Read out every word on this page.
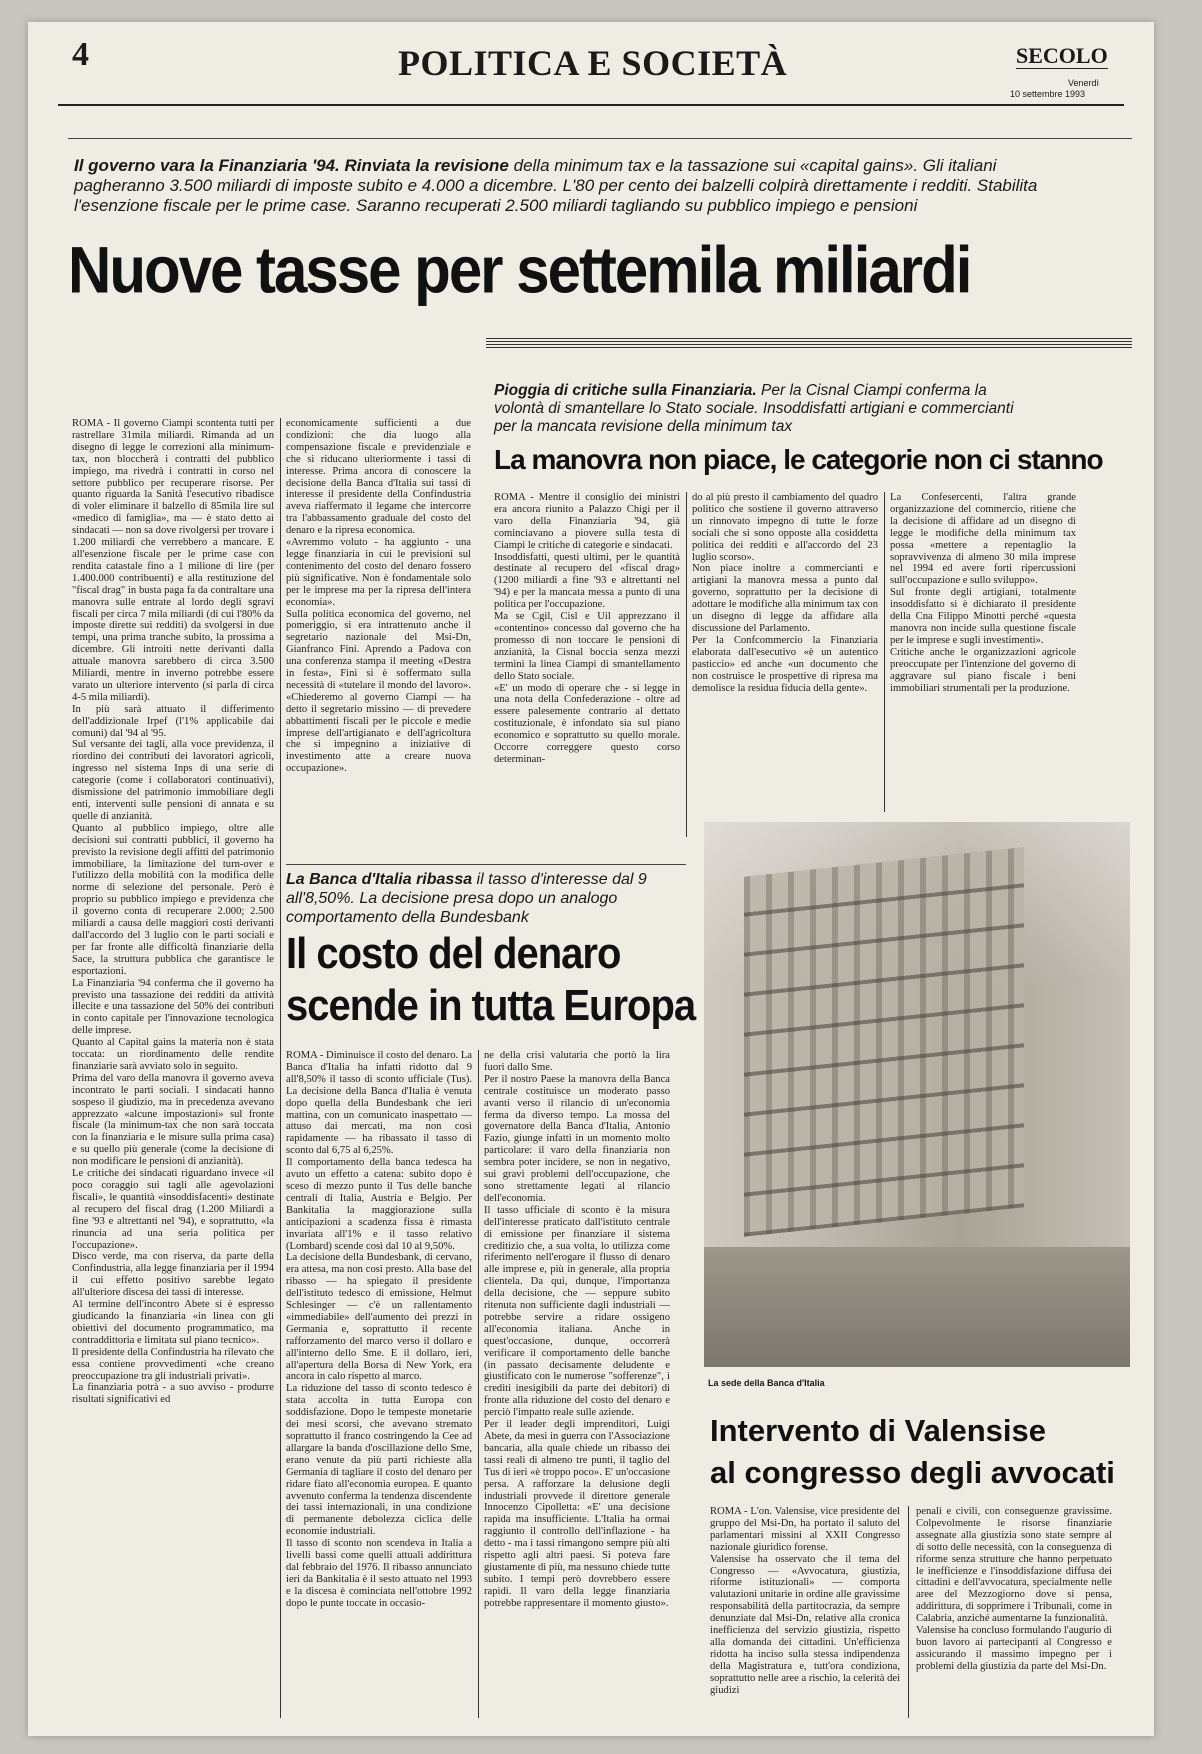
4	POLITICA E SOCIETÀ	SECOLO
Venerdì
10 settembre 1993
Il governo vara la Finanziaria '94. Rinviata la revisione della minimum tax e la tassazione sui «capital gains». Gli italiani pagheranno 3.500 miliardi di imposte subito e 4.000 a dicembre. L'80 per cento dei balzelli colpirà direttamente i redditi. Stabilita l'esenzione fiscale per le prime case. Saranno recuperati 2.500 miliardi tagliando su pubblico impiego e pensioni
Nuove tasse per settemila miliardi
ROMA - Il governo Ciampi scontenta tutti per rastrellare 31mila miliardi. Rimanda ad un disegno di legge le correzioni alla minimum-tax, non bloccherà i contratti del pubblico impiego, ma rivedrà i contratti in corso nel settore pubblico per recuperare risorse. Per quanto riguarda la Sanità l'esecutivo ribadisce di voler eliminare il balzello di 85mila lire sul «medico di famiglia», ma — è stato detto ai sindacati — non sa dove rivolgersi per trovare i 1.200 miliardi che verrebbero a mancare. E all'esenzione fiscale per le prime case con rendita catastale fino a 1 milione di lire (per 1.400.000 contribuenti) e alla restituzione del "fiscal drag" in busta paga fa da contraltare una manovra sulle entrate al lordo degli sgravi fiscali per circa 7 mila miliardi (di cui l'80% da imposte dirette sui redditi) da svolgersi in due tempi, una prima tranche subito, la prossima a dicembre. Gli introiti nette derivanti dalla attuale manovra sarebbero di circa 3.500 Miliardi, mentre in inverno potrebbe essere varato un ulteriore intervento (si parla di circa 4-5 mila miliardi).
In più sarà attuato il differimento dell'addizionale Irpef (l'1% applicabile dai comuni) dal '94 al '95.
Sul versante dei tagli, alla voce previdenza, il riordino dei contributi dei lavoratori agricoli, ingresso nel sistema Inps di una serie di categorie (come i collaboratori continuativi), dismissione del patrimonio immobiliare degli enti, interventi sulle pensioni di annata e su quelle di anzianità.
Quanto al pubblico impiego, oltre alle decisioni sui contratti pubblici, il governo ha previsto la revisione degli affitti del patrimonio immobiliare, la limitazione del turn-over e l'utilizzo della mobilità con la modifica delle norme di selezione del personale. Però è proprio su pubblico impiego e previdenza che il governo conta di recuperare 2.000; 2.500 miliardi a causa delle maggiori costi derivanti dall'accordo del 3 luglio con le parti sociali e per far fronte alle difficoltà finanziarie della Sace, la struttura pubblica che garantisce le esportazioni.
La Finanziaria '94 conferma che il governo ha previsto una tassazione dei redditi da attività illecite e una tassazione del 50% dei contributi in conto capitale per l'innovazione tecnologica delle imprese.
Quanto al Capital gains la materia non è stata toccata: un riordinamento delle rendite finanziarie sarà avviato solo in seguito.
Prima del varo della manovra il governo aveva incontrato le parti sociali. I sindacati hanno sospeso il giudizio, ma in precedenza avevano apprezzato «alcune impostazioni» sul fronte fiscale (la minimum-tax che non sarà toccata con la finanziaria e le misure sulla prima casa) e su quello più generale (come la decisione di non modificare le pensioni di anzianità).
Le critiche dei sindacati riguardano invece «il poco coraggio sui tagli alle agevolazioni fiscali», le quantità «insoddisfacenti» destinate al recupero del fiscal drag (1.200 Miliardi a fine '93 e altrettanti nel '94), e soprattutto, «la rinuncia ad una seria politica per l'occupazione».
Disco verde, ma con riserva, da parte della Confindustria, alla legge finanziaria per il 1994 il cui effetto positivo sarebbe legato all'ulteriore discesa dei tassi di interesse.
Al termine dell'incontro Abete si è espresso giudicando la finanziaria «in linea con gli obiettivi del documento programmatico, ma contraddittoria e limitata sul piano tecnico».
Il presidente della Confindustria ha rilevato che essa contiene provvedimenti «che creano preoccupazione tra gli industriali privati».
La finanziaria potrà - a suo avviso - produrre risultati significativi ed
economicamente sufficienti a due condizioni: che dia luogo alla compensazione fiscale e previdenziale e che si riducano ulteriormente i tassi di interesse. Prima ancora di conoscere la decisione della Banca d'Italia sui tassi di interesse il presidente della Confindustria aveva riaffermato il legame che intercorre tra l'abbassamento graduale del costo del denaro e la ripresa economica.
«Avremmo voluto - ha aggiunto - una legge finanziaria in cui le previsioni sul contenimento del costo del denaro fossero più significative. Non è fondamentale solo per le imprese ma per la ripresa dell'intera economia».
Sulla politica economica del governo, nel pomeriggio, si era intrattenuto anche il segretario nazionale del Msi-Dn, Gianfranco Fini. Aprendo a Padova con una conferenza stampa il meeting «Destra in festa», Fini si è soffermato sulla necessità di «tutelare il mondo del lavoro». «Chiederemo al governo Ciampi — ha detto il segretario missino — di prevedere abbattimenti fiscali per le piccole e medie imprese dell'artigianato e dell'agricoltura che si impegnino a iniziative di investimento atte a creare nuova occupazione».
Pioggia di critiche sulla Finanziaria. Per la Cisnal Ciampi conferma la volontà di smantellare lo Stato sociale. Insoddisfatti artigiani e commercianti per la mancata revisione della minimum tax
La manovra non piace, le categorie non ci stanno
ROMA - Mentre il consiglio dei ministri era ancora riunito a Palazzo Chigi per il varo della Finanziaria '94, già cominciavano a piovere sulla testa di Ciampi le critiche di categorie e sindacati.
Insoddisfatti, questi ultimi, per le quantità destinate al recupero del «fiscal drag» (1200 miliardi a fine '93 e altrettanti nel '94) e per la mancata messa a punto di una politica per l'occupazione.
Ma se Cgil, Cisl e Uil apprezzano il «contentino» concesso dal governo che ha promesso di non toccare le pensioni di anzianità, la Cisnal boccia senza mezzi termini la linea Ciampi di smantellamento dello Stato sociale.
«E' un modo di operare che - si legge in una nota della Confederazione - oltre ad essere palesemente contrario al dettato costituzionale, è infondato sia sul piano economico e soprattutto su quello morale. Occorre correggere questo corso determinan-
do al più presto il cambiamento del quadro politico che sostiene il governo attraverso un rinnovato impegno di tutte le forze sociali che si sono opposte alla cosiddetta politica dei redditi e all'accordo del 23 luglio scorso».
Non piace inoltre a commercianti e artigiani la manovra messa a punto dal governo, soprattutto per la decisione di adottare le modifiche alla minimum tax con un disegno di legge da affidare alla discussione del Parlamento.
Per la Confcommercio la Finanziaria elaborata dall'esecutivo «è un autentico pasticcio» ed anche «un documento che non costruisce le prospettive di ripresa ma demolisce la residua fiducia della gente».
La Confesercenti, l'altra grande organizzazione del commercio, ritiene che la decisione di affidare ad un disegno di legge le modifiche della minimum tax possa «mettere a repentaglio la sopravvivenza di almeno 30 mila imprese nel 1994 ed avere forti ripercussioni sull'occupazione e sullo sviluppo».
Sul fronte degli artigiani, totalmente insoddisfatto si è dichiarato il presidente della Cna Filippo Minotti perché «questa manovra non incide sulla questione fiscale per le imprese e sugli investimenti».
Critiche anche le organizzazioni agricole preoccupate per l'intenzione del governo di aggravare sul piano fiscale i beni immobiliari strumentali per la produzione.
La Banca d'Italia ribassa il tasso d'interesse dal 9 all'8,50%. La decisione presa dopo un analogo comportamento della Bundesbank
Il costo del denaro
scende in tutta Europa
ROMA - Diminuisce il costo del denaro. La Banca d'Italia ha infatti ridotto dal 9 all'8,50% il tasso di sconto ufficiale (Tus). La decisione della Banca d'Italia è venuta dopo quella della Bundesbank che ieri mattina, con un comunicato inaspettato — attuso dai mercati, ma non così rapidamente — ha ribassato il tasso di sconto dal 6,75 al 6,25%.
Il comportamento della banca tedesca ha avuto un effetto a catena: subito dopo è sceso di mezzo punto il Tus delle banche centrali di Italia, Austria e Belgio. Per Bankitalia la maggiorazione sulla anticipazioni a scadenza fissa è rimasta invariata all'1% e il tasso relativo (Lombard) scende così dal 10 al 9,50%.
La decisione della Bundesbank, di cervano, era attesa, ma non così presto. Alla base del ribasso — ha spiegato il presidente dell'istituto tedesco di emissione, Helmut Schlesinger — c'è un rallentamento «immediabile» dell'aumento dei prezzi in Germania e, soprattutto il recente rafforzamento del marco verso il dollaro e all'interno dello Sme. E il dollaro, ieri, all'apertura della Borsa di New York, era ancora in calo rispetto al marco.
La riduzione del tasso di sconto tedesco è stata accolta in tutta Europa con soddisfazione. Dopo le tempeste monetarie dei mesi scorsi, che avevano stremato soprattutto il franco costringendo la Cee ad allargare la banda d'oscillazione dello Sme, erano venute da più parti richieste alla Germania di tagliare il costo del denaro per ridare fiato all'economia europea. E quanto avvenuto conferma la tendenza discendente dei tassi internazionali, in una condizione di permanente debolezza ciclica delle economie industriali.
Il tasso di sconto non scendeva in Italia a livelli bassi come quelli attuali addirittura dal febbraio del 1976. Il ribasso annunciato ieri da Bankitalia è il sesto attuato nel 1993 e la discesa è cominciata nell'ottobre 1992 dopo le punte toccate in occasio-
ne della crisi valutaria che portò la lira fuori dallo Sme.
Per il nostro Paese la manovra della Banca centrale costituisce un moderato passo avanti verso il rilancio di un'economia ferma da diverso tempo. La mossa del governatore della Banca d'Italia, Antonio Fazio, giunge infatti in un momento molto particolare: il varo della finanziaria non sembra poter incidere, se non in negativo, sui gravi problemi dell'occupazione, che sono strettamente legati al rilancio dell'economia.
Il tasso ufficiale di sconto è la misura dell'interesse praticato dall'istituto centrale di emissione per finanziare il sistema creditizio che, a sua volta, lo utilizza come riferimento nell'erogare il flusso di denaro alle imprese e, più in generale, alla propria clientela. Da qui, dunque, l'importanza della decisione, che — seppure subito ritenuta non sufficiente dagli industriali — potrebbe servire a ridare ossigeno all'economia italiana. Anche in quest'occasione, dunque, occorrerà verificare il comportamento delle banche (in passato decisamente deludente e giustificato con le numerose "sofferenze", i crediti inesigibili da parte dei debitori) di fronte alla riduzione del costo del denaro e perciò l'impatto reale sulle aziende.
Per il leader degli imprenditori, Luigi Abete, da mesi in guerra con l'Associazione bancaria, alla quale chiede un ribasso dei tassi reali di almeno tre punti, il taglio del Tus di ieri «è troppo poco». E' un'occasione persa. A rafforzare la delusione degli industriali provvede il direttore generale Innocenzo Cipolletta: «E' una decisione rapida ma insufficiente. L'Italia ha ormai raggiunto il controllo dell'inflazione - ha detto - ma i tassi rimangono sempre più alti rispetto agli altri paesi. Si poteva fare giustamente di più, ma nessuno chiede tutte subito. I tempi però dovrebbero essere rapidi. Il varo della legge finanziaria potrebbe rappresentare il momento giusto».
La sede della Banca d'Italia
Intervento di Valensise
al congresso degli avvocati
ROMA - L'on. Valensise, vice presidente del gruppo del Msi-Dn, ha portato il saluto del parlamentari missini al XXII Congresso nazionale giuridico forense.
Valensise ha osservato che il tema del Congresso — «Avvocatura, giustizia, riforme istituzionali» — comporta valutazioni unitarie in ordine alle gravissime responsabilità della partitocrazia, da sempre denunziate dal Msi-Dn, relative alla cronica inefficienza del servizio giustizia, rispetto alla domanda dei cittadini. Un'efficienza ridotta ha inciso sulla stessa indipendenza della Magistratura e, tutt'ora condiziona, soprattutto nelle aree a rischio, la celerità dei giudizi
penali e civili, con conseguenze gravissime. Colpevolmente le risorse finanziarie assegnate alla giustizia sono state sempre al di sotto delle necessità, con la conseguenza di riforme senza strutture che hanno perpetuato le inefficienze e l'insoddisfazione diffusa dei cittadini e dell'avvocatura, specialmente nelle aree del Mezzogiorno dove si pensa, addirittura, di sopprimere i Tribunali, come in Calabria, anziché aumentarne la funzionalità.
Valensise ha concluso formulando l'augurio di buon lavoro ai partecipanti al Congresso e assicurando il massimo impegno per i problemi della giustizia da parte del Msi-Dn.
